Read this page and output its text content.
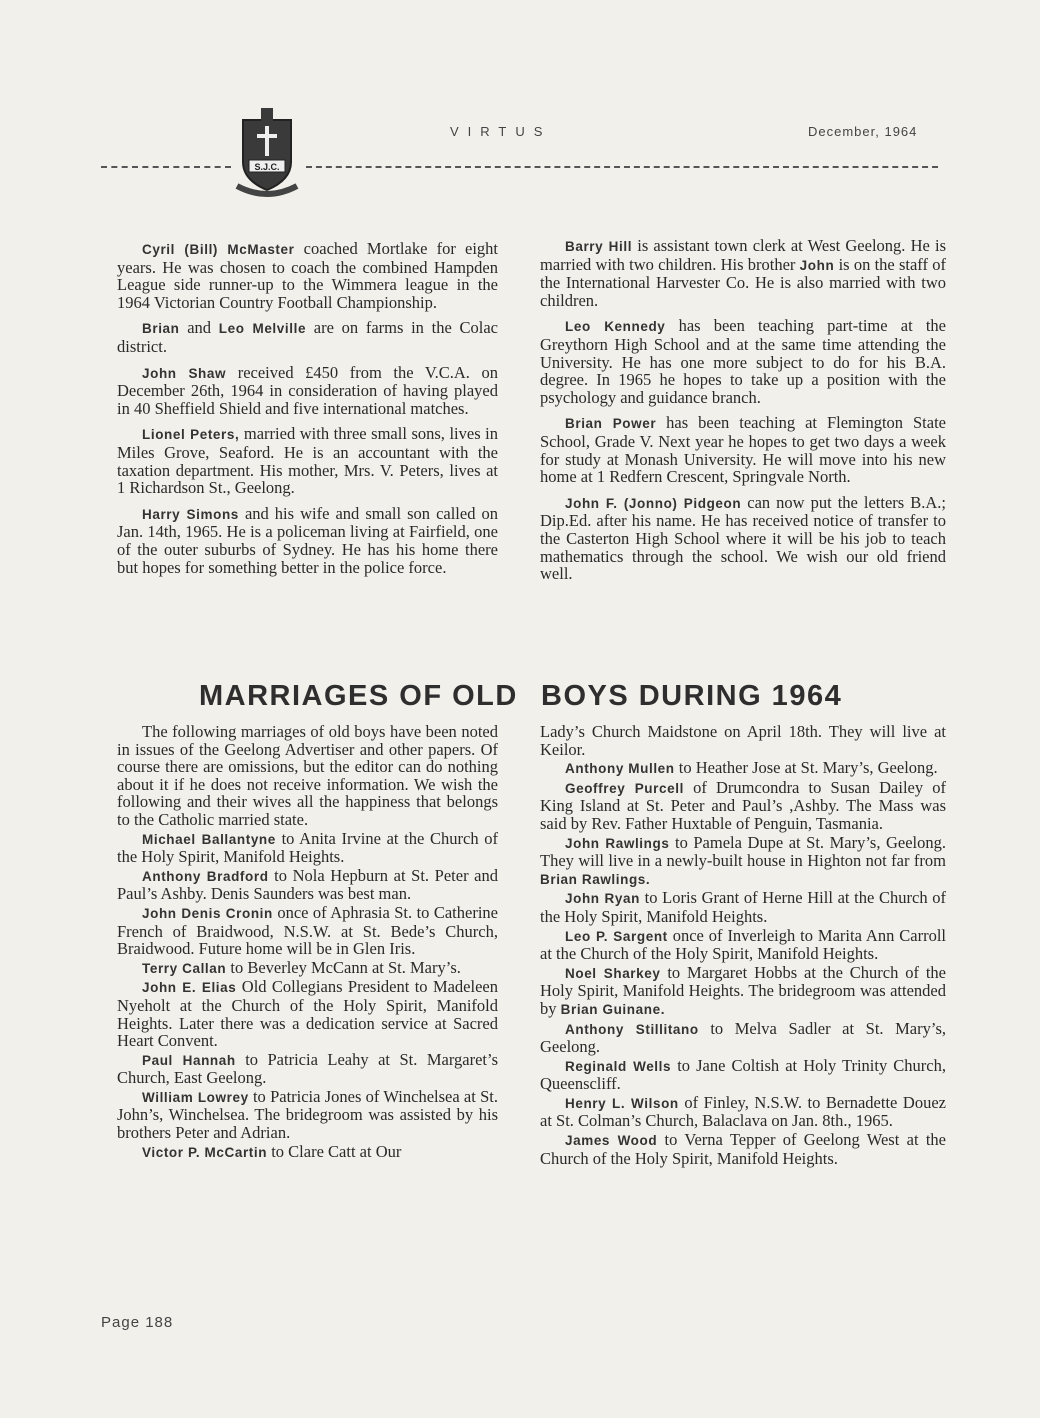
S.J.C.
VIRTUS	December, 1964

Cyril (Bill) McMaster coached Mortlake for eight years. He was chosen to coach the combined Hampden League side runner-up to the Wimmera league in the 1964 Victorian Country Football Championship.

Brian and Leo Melville are on farms in the Colac district.

John Shaw received £450 from the V.C.A. on December 26th, 1964 in consideration of having played in 40 Sheffield Shield and five international matches.

Lionel Peters, married with three small sons, lives in Miles Grove, Seaford. He is an accountant with the taxation department. His mother, Mrs. V. Peters, lives at 1 Richardson St., Geelong.

Harry Simons and his wife and small son called on Jan. 14th, 1965. He is a policeman living at Fairfield, one of the outer suburbs of Sydney. He has his home there but hopes for something better in the police force.

Barry Hill is assistant town clerk at West Geelong. He is married with two children. His brother John is on the staff of the International Harvester Co. He is also married with two children.

Leo Kennedy has been teaching part-time at the Greythorn High School and at the same time attending the University. He has one more subject to do for his B.A. degree. In 1965 he hopes to take up a position with the psychology and guidance branch.

Brian Power has been teaching at Flemington State School, Grade V. Next year he hopes to get two days a week for study at Monash University. He will move into his new home at 1 Redfern Crescent, Springvale North.

John F. (Jonno) Pidgeon can now put the letters B.A.; Dip.Ed. after his name. He has received notice of transfer to the Casterton High School where it will be his job to teach mathematics through the school. We wish our old friend well.

MARRIAGES OF OLD BOYS DURING 1964

The following marriages of old boys have been noted in issues of the Geelong Advertiser and other papers. Of course there are omissions, but the editor can do nothing about it if he does not receive information. We wish the following and their wives all the happiness that belongs to the Catholic married state.

Michael Ballantyne to Anita Irvine at the Church of the Holy Spirit, Manifold Heights.

Anthony Bradford to Nola Hepburn at St. Peter and Paul’s Ashby. Denis Saunders was best man.

John Denis Cronin once of Aphrasia St. to Catherine French of Braidwood, N.S.W. at St. Bede’s Church, Braidwood. Future home will be in Glen Iris.

Terry Callan to Beverley McCann at St. Mary’s.

John E. Elias Old Collegians President to Madeleen Nyeholt at the Church of the Holy Spirit, Manifold Heights. Later there was a dedication service at Sacred Heart Convent.

Paul Hannah to Patricia Leahy at St. Margaret’s Church, East Geelong.

William Lowrey to Patricia Jones of Winchelsea at St. John’s, Winchelsea. The bridegroom was assisted by his brothers Peter and Adrian.

Victor P. McCartin to Clare Catt at Our

Lady’s Church Maidstone on April 18th. They will live at Keilor.

Anthony Mullen to Heather Jose at St. Mary’s, Geelong.

Geoffrey Purcell of Drumcondra to Susan Dailey of King Island at St. Peter and Paul’s ,Ashby. The Mass was said by Rev. Father Huxtable of Penguin, Tasmania.

John Rawlings to Pamela Dupe at St. Mary’s, Geelong. They will live in a newly-built house in Highton not far from Brian Rawlings.

John Ryan to Loris Grant of Herne Hill at the Church of the Holy Spirit, Manifold Heights.

Leo P. Sargent once of Inverleigh to Marita Ann Carroll at the Church of the Holy Spirit, Manifold Heights.

Noel Sharkey to Margaret Hobbs at the Church of the Holy Spirit, Manifold Heights. The bridegroom was attended by Brian Guinane.

Anthony Stillitano to Melva Sadler at St. Mary’s, Geelong.

Reginald Wells to Jane Coltish at Holy Trinity Church, Queenscliff.

Henry L. Wilson of Finley, N.S.W. to Bernadette Douez at St. Colman’s Church, Balaclava on Jan. 8th., 1965.

James Wood to Verna Tepper of Geelong West at the Church of the Holy Spirit, Manifold Heights.

Page 188
